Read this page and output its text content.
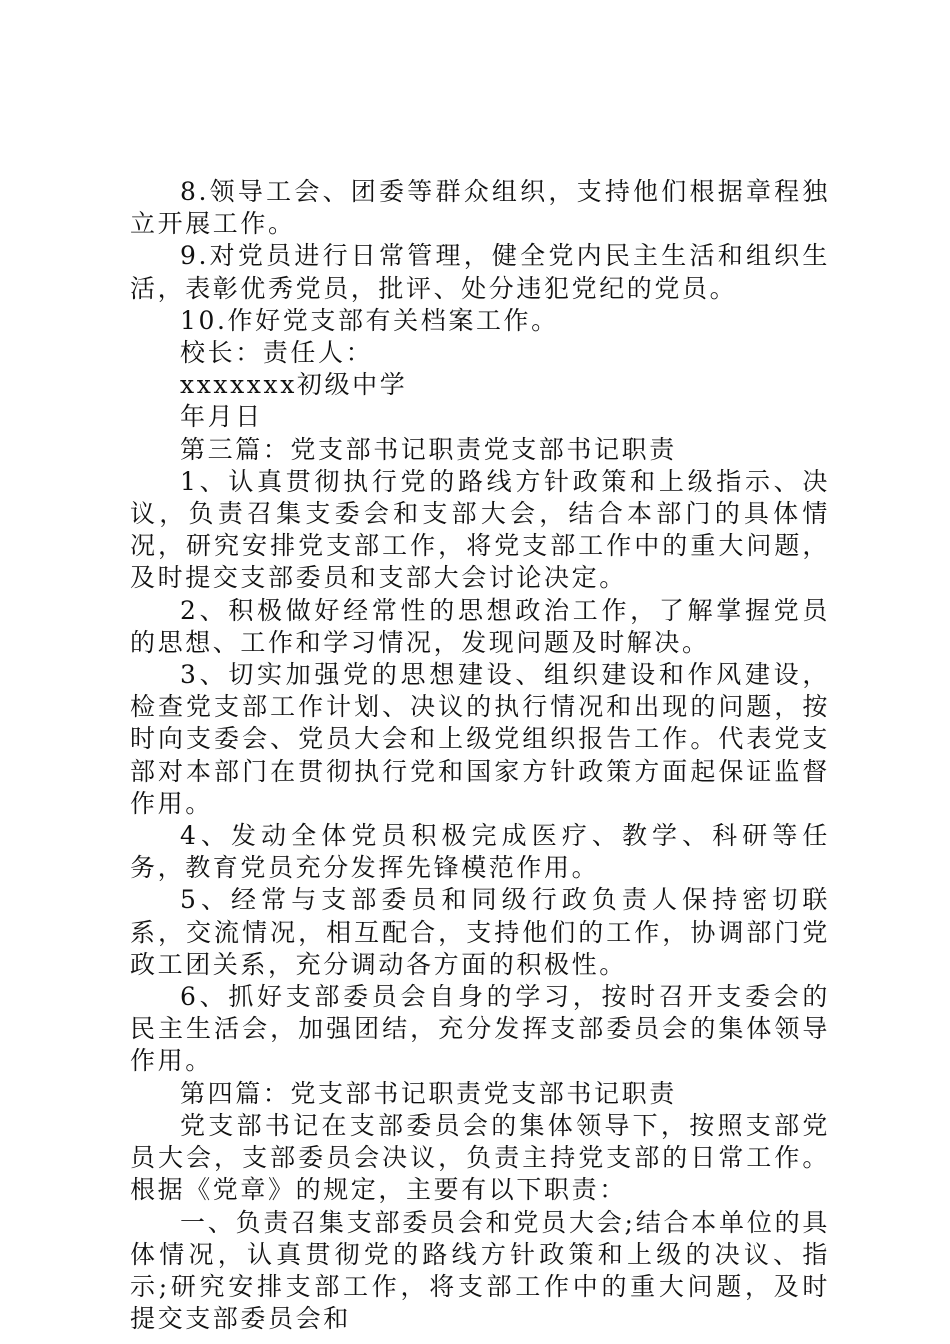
8.领导工会、团委等群众组织，支持他们根据章程独立开展工作。

9.对党员进行日常管理，健全党内民主生活和组织生活，表彰优秀党员，批评、处分违犯党纪的党员。

10.作好党支部有关档案工作。

校长：责任人：

xxxxxxx初级中学

年月日

第三篇：党支部书记职责党支部书记职责

1、认真贯彻执行党的路线方针政策和上级指示、决议，负责召集支委会和支部大会，结合本部门的具体情况，研究安排党支部工作，将党支部工作中的重大问题，及时提交支部委员和支部大会讨论决定。

2、积极做好经常性的思想政治工作，了解掌握党员的思想、工作和学习情况，发现问题及时解决。

3、切实加强党的思想建设、组织建设和作风建设，检查党支部工作计划、决议的执行情况和出现的问题，按时向支委会、党员大会和上级党组织报告工作。代表党支部对本部门在贯彻执行党和国家方针政策方面起保证监督作用。

4、发动全体党员积极完成医疗、教学、科研等任务，教育党员充分发挥先锋模范作用。

5、经常与支部委员和同级行政负责人保持密切联系，交流情况，相互配合，支持他们的工作，协调部门党政工团关系，充分调动各方面的积极性。

6、抓好支部委员会自身的学习，按时召开支委会的民主生活会，加强团结，充分发挥支部委员会的集体领导作用。

第四篇：党支部书记职责党支部书记职责

党支部书记在支部委员会的集体领导下，按照支部党员大会，支部委员会决议，负责主持党支部的日常工作。根据《党章》的规定，主要有以下职责：

一、负责召集支部委员会和党员大会;结合本单位的具体情况，认真贯彻党的路线方针政策和上级的决议、指示;研究安排支部工作，将支部工作中的重大问题，及时提交支部委员会和
